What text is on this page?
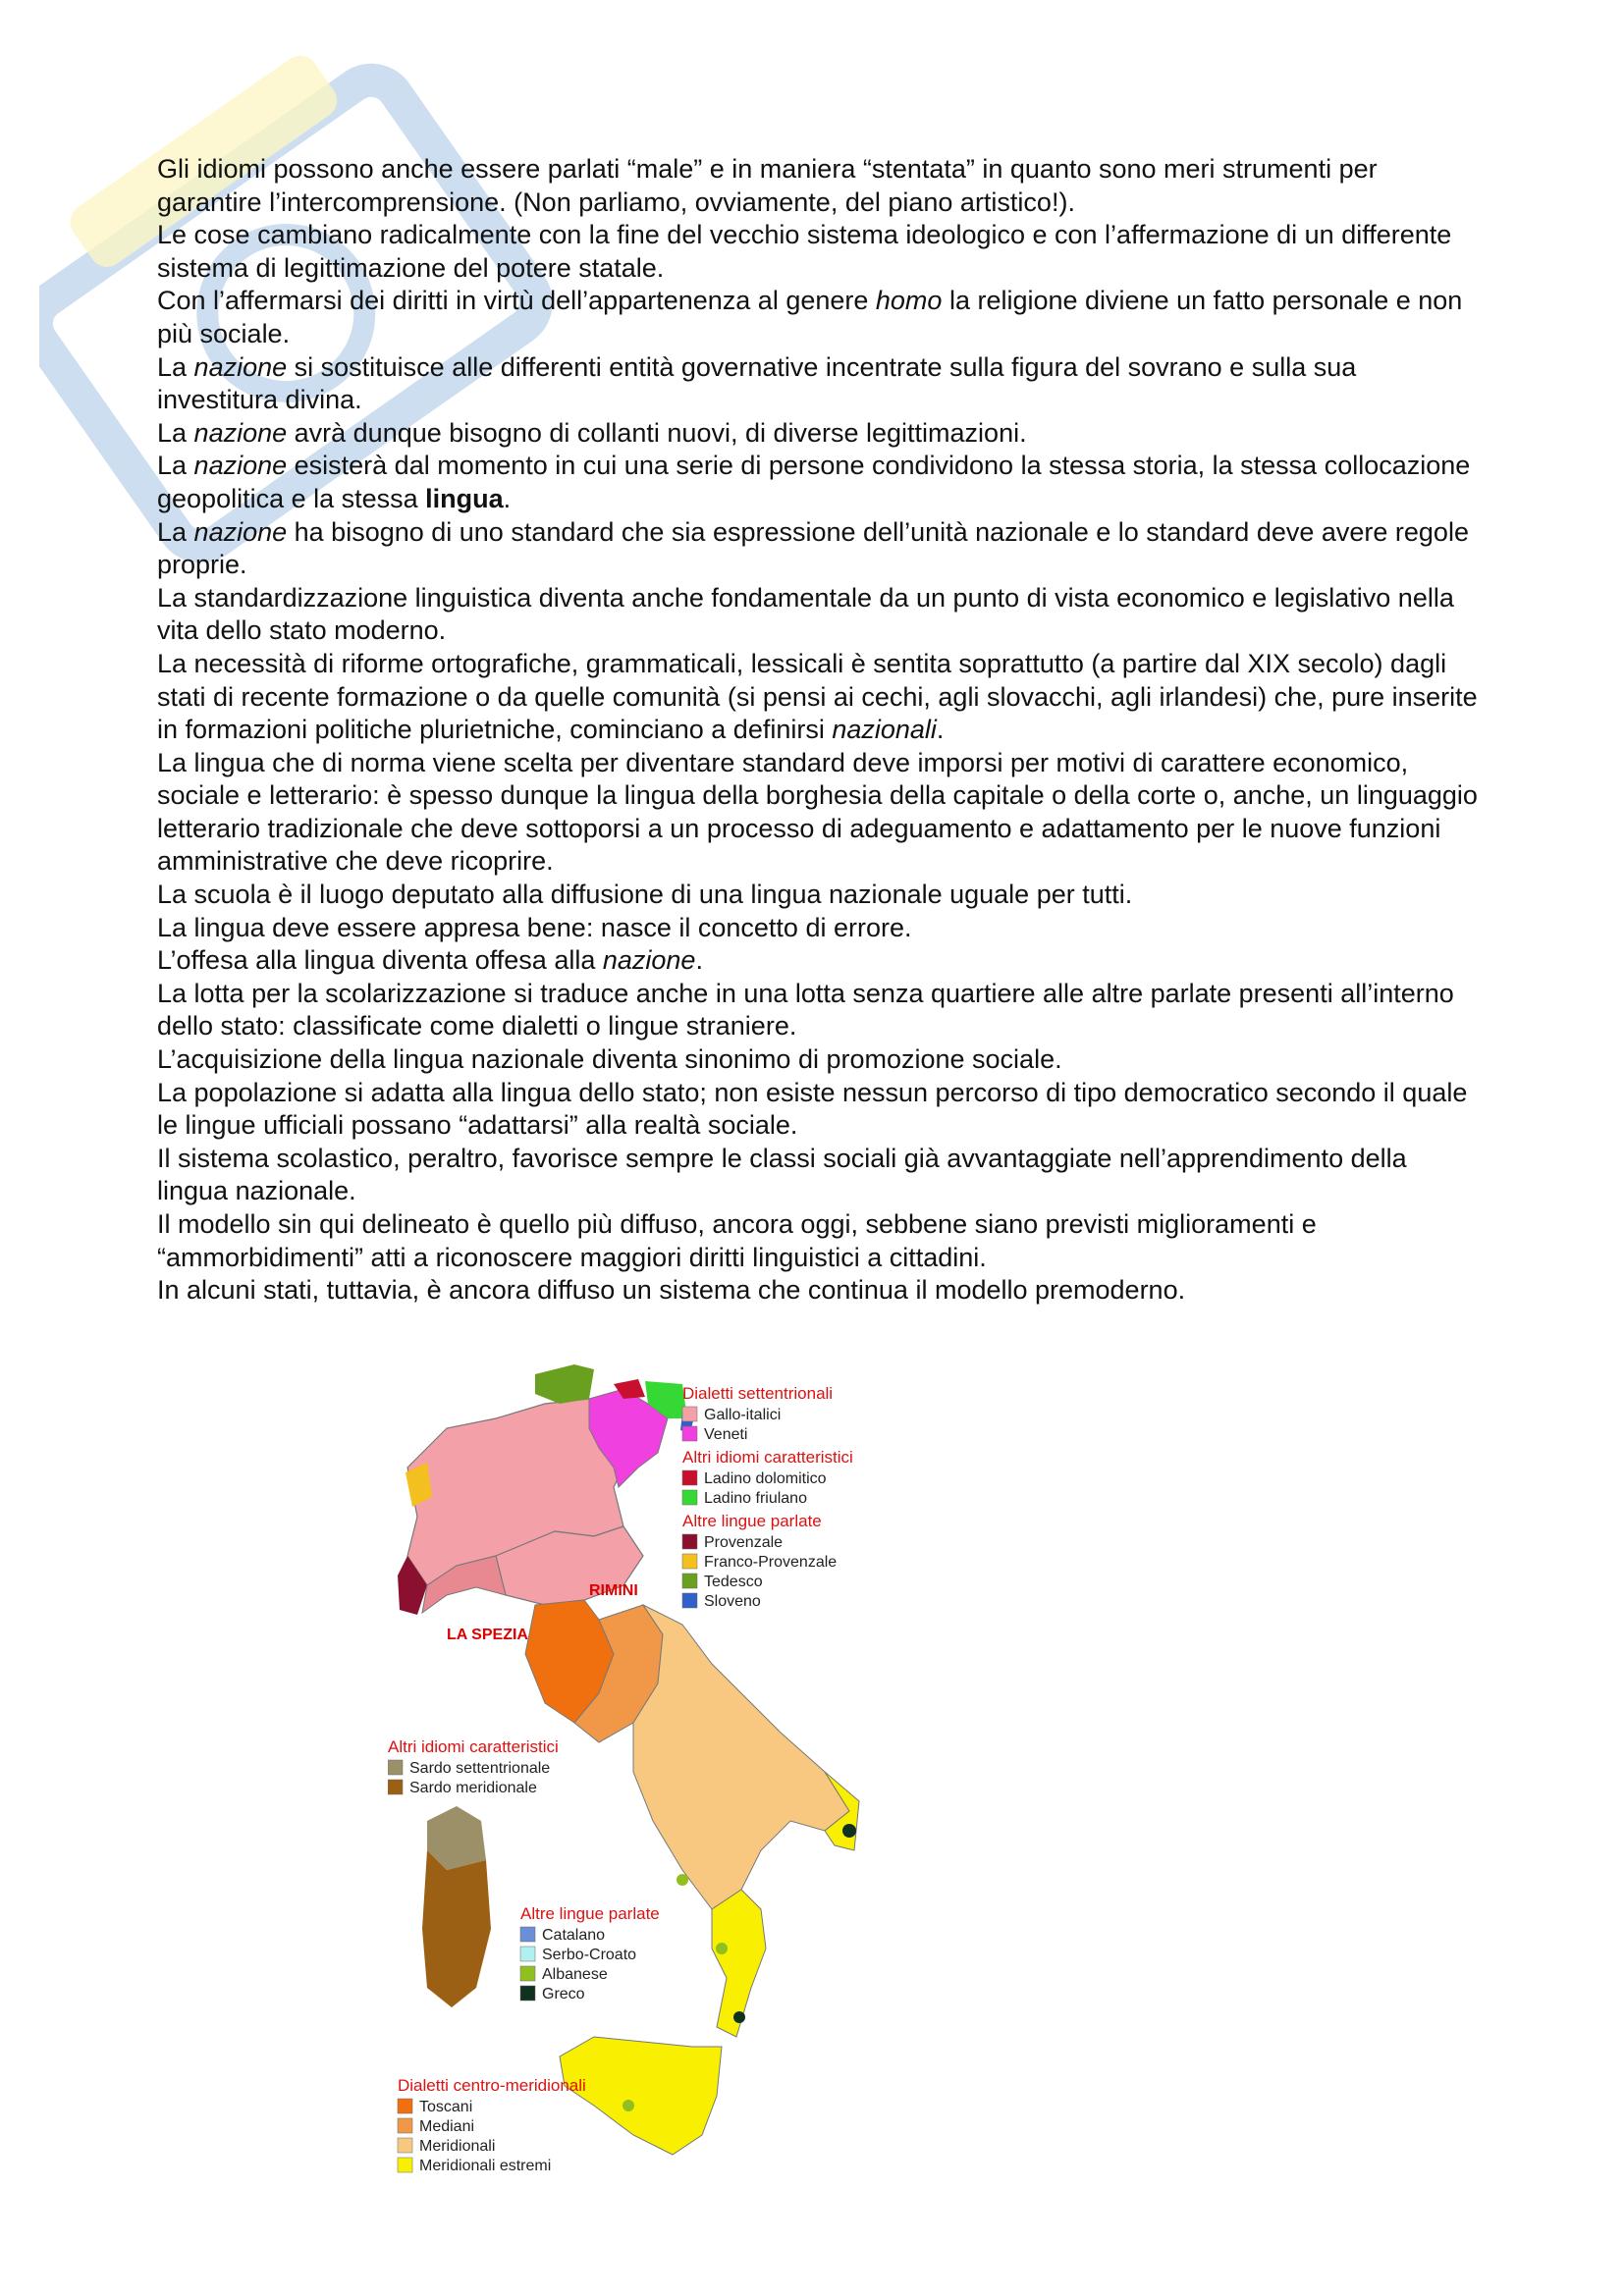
Gli idiomi possono anche essere parlati “male” e in maniera “stentata” in quanto sono meri strumenti per garantire l’intercomprensione. (Non parliamo, ovviamente, del piano artistico!).

Le cose cambiano radicalmente con la fine del vecchio sistema ideologico e con l’affermazione di un differente sistema di legittimazione del potere statale.

Con l’affermarsi dei diritti in virtù dell’appartenenza al genere homo la religione diviene un fatto personale e non più sociale.

La nazione si sostituisce alle differenti entità governative incentrate sulla figura del sovrano e sulla sua investitura divina.

La nazione avrà dunque bisogno di collanti nuovi, di diverse legittimazioni.

La nazione esisterà dal momento in cui una serie di persone condividono la stessa storia, la stessa collocazione geopolitica e la stessa lingua.

La nazione ha bisogno di uno standard che sia espressione dell’unità nazionale e lo standard deve avere regole proprie.

La standardizzazione linguistica diventa anche fondamentale da un punto di vista economico e legislativo nella vita dello stato moderno.

La necessità di riforme ortografiche, grammaticali, lessicali è sentita soprattutto (a partire dal XIX secolo) dagli stati di recente formazione o da quelle comunità (si pensi ai cechi, agli slovacchi, agli irlandesi) che, pure inserite in formazioni politiche plurietniche, cominciano a definirsi nazionali.

La lingua che di norma viene scelta per diventare standard deve imporsi per motivi di carattere economico, sociale e letterario: è spesso dunque la lingua della borghesia della capitale o della corte o, anche, un linguaggio letterario tradizionale che deve sottoporsi a un processo di adeguamento e adattamento per le nuove funzioni amministrative che deve ricoprire.

La scuola è il luogo deputato alla diffusione di una lingua nazionale uguale per tutti.

La lingua deve essere appresa bene: nasce il concetto di errore.

L’offesa alla lingua diventa offesa alla nazione.

La lotta per la scolarizzazione si traduce anche in una lotta senza quartiere alle altre parlate presenti all’interno dello stato: classificate come dialetti o lingue straniere.

L’acquisizione della lingua nazionale diventa sinonimo di promozione sociale.

La popolazione si adatta alla lingua dello stato; non esiste nessun percorso di tipo democratico secondo il quale le lingue ufficiali possano “adattarsi” alla realtà sociale.

Il sistema scolastico, peraltro, favorisce sempre le classi sociali già avvantaggiate nell’apprendimento della lingua nazionale.

Il modello sin qui delineato è quello più diffuso, ancora oggi, sebbene siano previsti miglioramenti e “ammorbidimenti” atti a riconoscere maggiori diritti linguistici a cittadini.

In alcuni stati, tuttavia, è ancora diffuso un sistema che continua il modello premoderno.

RIMINI
LA SPEZIA
Dialetti settentrionali
Gallo-italici
Veneti
Altri idiomi caratteristici
Ladino dolomitico
Ladino friulano
Altre lingue parlate
Provenzale
Franco-Provenzale
Tedesco
Sloveno
Altri idiomi caratteristici
Sardo settentrionale
Sardo meridionale
Altre lingue parlate
Catalano
Serbo-Croato
Albanese
Greco
Dialetti centro-meridionali
Toscani
Mediani
Meridionali
Meridionali estremi
